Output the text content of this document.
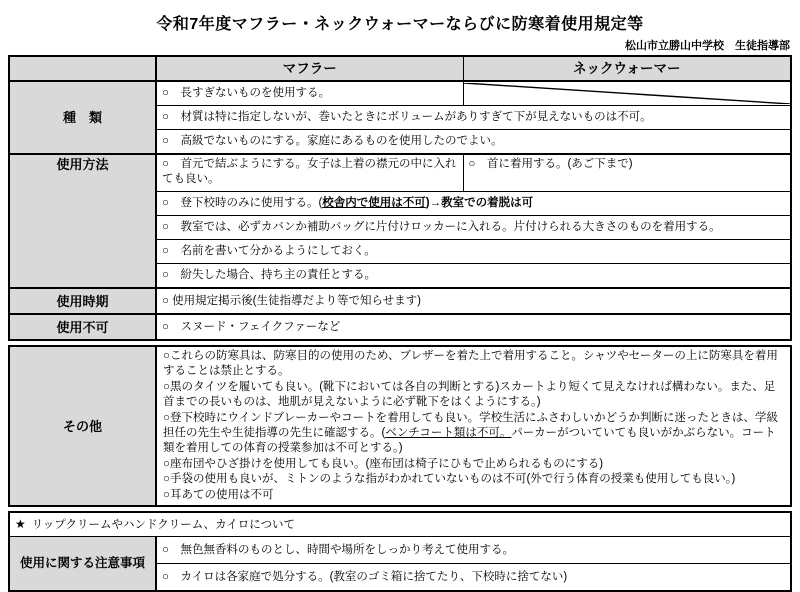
令和7年度マフラー・ネックウォーマーならびに防寒着使用規定等
松山市立勝山中学校　生徒指導部
	マフラー	ネックウォーマー
種　類	○　長すぎないものを使用する。	

	○　材質は特に指定しないが、巻いたときにボリュームがありすぎて下が見えないものは不可。	
	○　高級でないものにする。家庭にあるものを使用したのでよい。	
使用方法	○　首元で結ぶようにする。女子は上着の襟元の中に入れても良い。	○　首に着用する。(あご下まで)
	○　登下校時のみに使用する。(校舎内で使用は不可)→教室での着脱は可	
	○　教室では、必ずカバンか補助バッグに片付けロッカーに入れる。片付けられる大きさのものを着用する。	
	○　名前を書いて分かるようにしておく。	
	○　紛失した場合、持ち主の責任とする。	
使用時期	○ 使用規定掲示後(生徒指導だより等で知らせます)	
使用不可	○　スヌード・フェイクファーなど	
その他	
○これらの防寒具は、防寒目的の使用のため、ブレザーを着た上で着用すること。シャツやセーターの上に防寒具を着用することは禁止とする。
○黒のタイツを履いても良い。(靴下においては各自の判断とする)スカートより短くて見えなければ構わない。また、足首までの長いものは、地肌が見えないように必ず靴下をはくようにする。)
○登下校時にウインドブレーカーやコートを着用しても良い。学校生活にふさわしいかどうか判断に迷ったときは、学級担任の先生や生徒指導の先生に確認する。(ベンチコート類は不可。パーカーがついていても良いがかぶらない。コート類を着用しての体育の授業参加は不可とする。)
○座布団やひざ掛けを使用しても良い。(座布団は椅子にひもで止められるものにする)
○手袋の使用も良いが、ミトンのような指がわかれていないものは不可(外で行う体育の授業も使用しても良い。)
○耳あての使用は不可
★ リップクリームやハンドクリーム、カイロについて
使用に関する注意事項	○　無色無香料のものとし、時間や場所をしっかり考えて使用する。
○　カイロは各家庭で処分する。(教室のゴミ箱に捨てたり、下校時に捨てない)
